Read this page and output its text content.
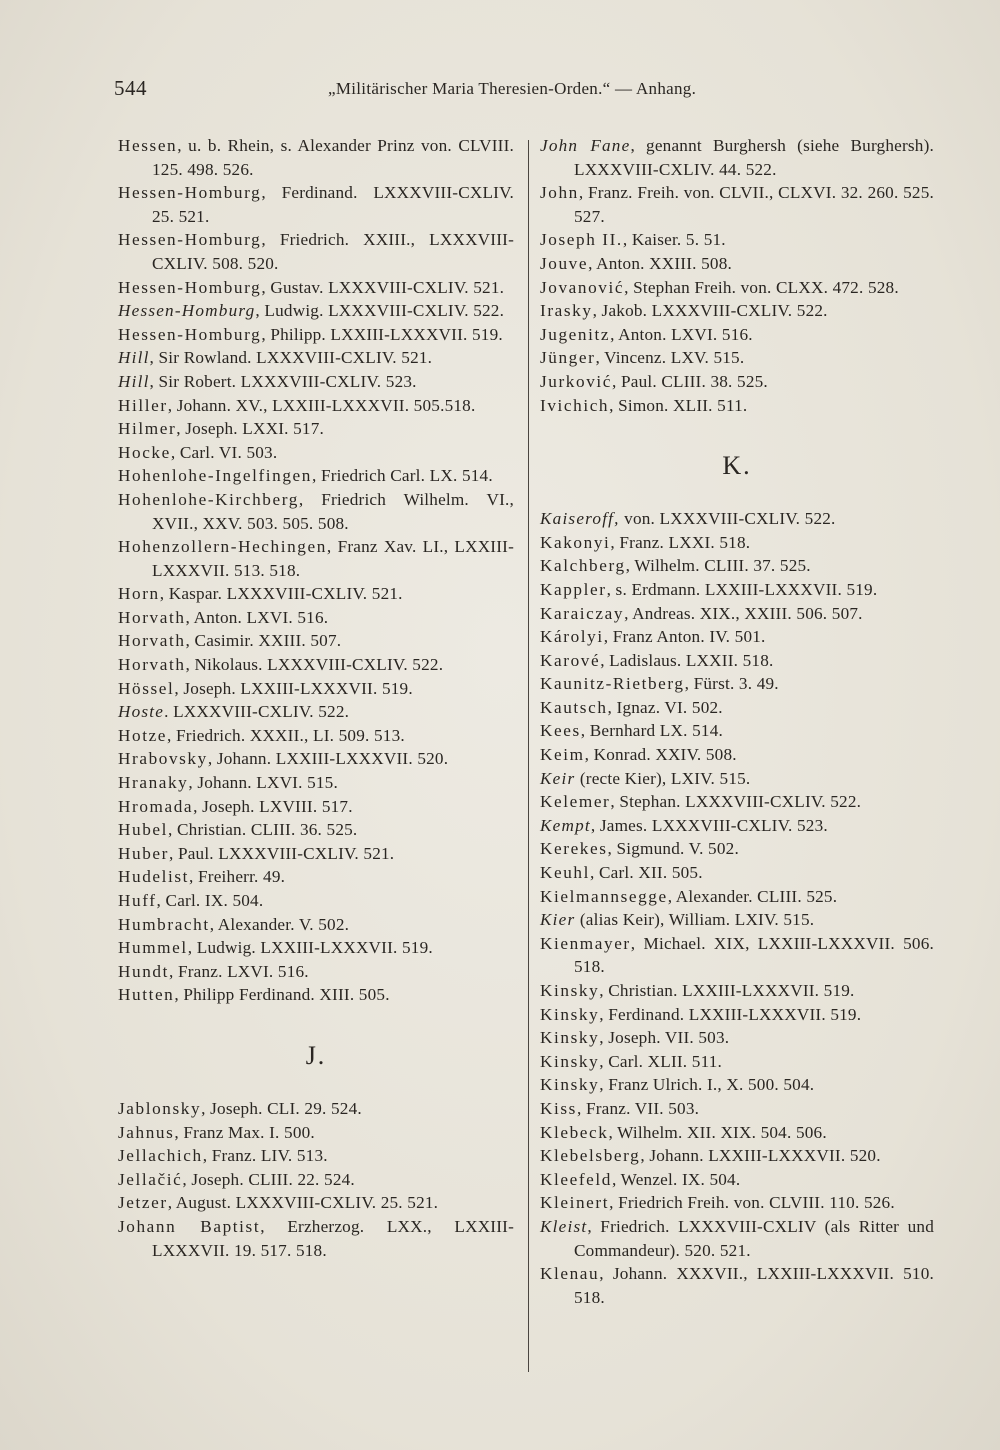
544	„Militärischer Maria Theresien-Orden.“ — Anhang.

Hessen, u. b. Rhein, s. Alexander Prinz von. CLVIII. 125. 498. 526.

Hessen-Homburg, Ferdinand. LXXXVIII-CXLIV. 25. 521.

Hessen-Homburg, Friedrich. XXIII., LXXXVIII-CXLIV. 508. 520.

Hessen-Homburg, Gustav. LXXXVIII-CXLIV. 521.

Hessen-Homburg, Ludwig. LXXXVIII-CXLIV. 522.

Hessen-Homburg, Philipp. LXXIII-LXXXVII. 519.

Hill, Sir Rowland. LXXXVIII-CXLIV. 521.

Hill, Sir Robert. LXXXVIII-CXLIV. 523.

Hiller, Johann. XV., LXXIII-LXXXVII. 505.518.

Hilmer, Joseph. LXXI. 517.

Hocke, Carl. VI. 503.

Hohenlohe-Ingelfingen, Friedrich Carl. LX. 514.

Hohenlohe-Kirchberg, Friedrich Wilhelm. VI., XVII., XXV. 503. 505. 508.

Hohenzollern-Hechingen, Franz Xav. LI., LXXIII-LXXXVII. 513. 518.

Horn, Kaspar. LXXXVIII-CXLIV. 521.

Horvath, Anton. LXVI. 516.

Horvath, Casimir. XXIII. 507.

Horvath, Nikolaus. LXXXVIII-CXLIV. 522.

Hössel, Joseph. LXXIII-LXXXVII. 519.

Hoste. LXXXVIII-CXLIV. 522.

Hotze, Friedrich. XXXII., LI. 509. 513.

Hrabovsky, Johann. LXXIII-LXXXVII. 520.

Hranaky, Johann. LXVI. 515.

Hromada, Joseph. LXVIII. 517.

Hubel, Christian. CLIII. 36. 525.

Huber, Paul. LXXXVIII-CXLIV. 521.

Hudelist, Freiherr. 49.

Huff, Carl. IX. 504.

Humbracht, Alexander. V. 502.

Hummel, Ludwig. LXXIII-LXXXVII. 519.

Hundt, Franz. LXVI. 516.

Hutten, Philipp Ferdinand. XIII. 505.

J.

Jablonsky, Joseph. CLI. 29. 524.

Jahnus, Franz Max. I. 500.

Jellachich, Franz. LIV. 513.

Jellačić, Joseph. CLIII. 22. 524.

Jetzer, August. LXXXVIII-CXLIV. 25. 521.

Johann Baptist, Erzherzog. LXX., LXXIII-LXXXVII. 19. 517. 518.

John Fane, genannt Burghersh (siehe Burghersh). LXXXVIII-CXLIV. 44. 522.

John, Franz. Freih. von. CLVII., CLXVI. 32. 260. 525. 527.

Joseph II., Kaiser. 5. 51.

Jouve, Anton. XXIII. 508.

Jovanović, Stephan Freih. von. CLXX. 472. 528.

Irasky, Jakob. LXXXVIII-CXLIV. 522.

Jugenitz, Anton. LXVI. 516.

Jünger, Vincenz. LXV. 515.

Jurković, Paul. CLIII. 38. 525.

Ivichich, Simon. XLII. 511.

K.

Kaiseroff, von. LXXXVIII-CXLIV. 522.

Kakonyi, Franz. LXXI. 518.

Kalchberg, Wilhelm. CLIII. 37. 525.

Kappler, s. Erdmann. LXXIII-LXXXVII. 519.

Karaiczay, Andreas. XIX., XXIII. 506. 507.

Károlyi, Franz Anton. IV. 501.

Karové, Ladislaus. LXXII. 518.

Kaunitz-Rietberg, Fürst. 3. 49.

Kautsch, Ignaz. VI. 502.

Kees, Bernhard LX. 514.

Keim, Konrad. XXIV. 508.

Keir (recte Kier), LXIV. 515.

Kelemer, Stephan. LXXXVIII-CXLIV. 522.

Kempt, James. LXXXVIII-CXLIV. 523.

Kerekes, Sigmund. V. 502.

Keuhl, Carl. XII. 505.

Kielmannsegge, Alexander. CLIII. 525.

Kier (alias Keir), William. LXIV. 515.

Kienmayer, Michael. XIX, LXXIII-LXXXVII. 506. 518.

Kinsky, Christian. LXXIII-LXXXVII. 519.

Kinsky, Ferdinand. LXXIII-LXXXVII. 519.

Kinsky, Joseph. VII. 503.

Kinsky, Carl. XLII. 511.

Kinsky, Franz Ulrich. I., X. 500. 504.

Kiss, Franz. VII. 503.

Klebeck, Wilhelm. XII. XIX. 504. 506.

Klebelsberg, Johann. LXXIII-LXXXVII. 520.

Kleefeld, Wenzel. IX. 504.

Kleinert, Friedrich Freih. von. CLVIII. 110. 526.

Kleist, Friedrich. LXXXVIII-CXLIV (als Ritter und Commandeur). 520. 521.

Klenau, Johann. XXXVII., LXXIII-LXXXVII. 510. 518.
